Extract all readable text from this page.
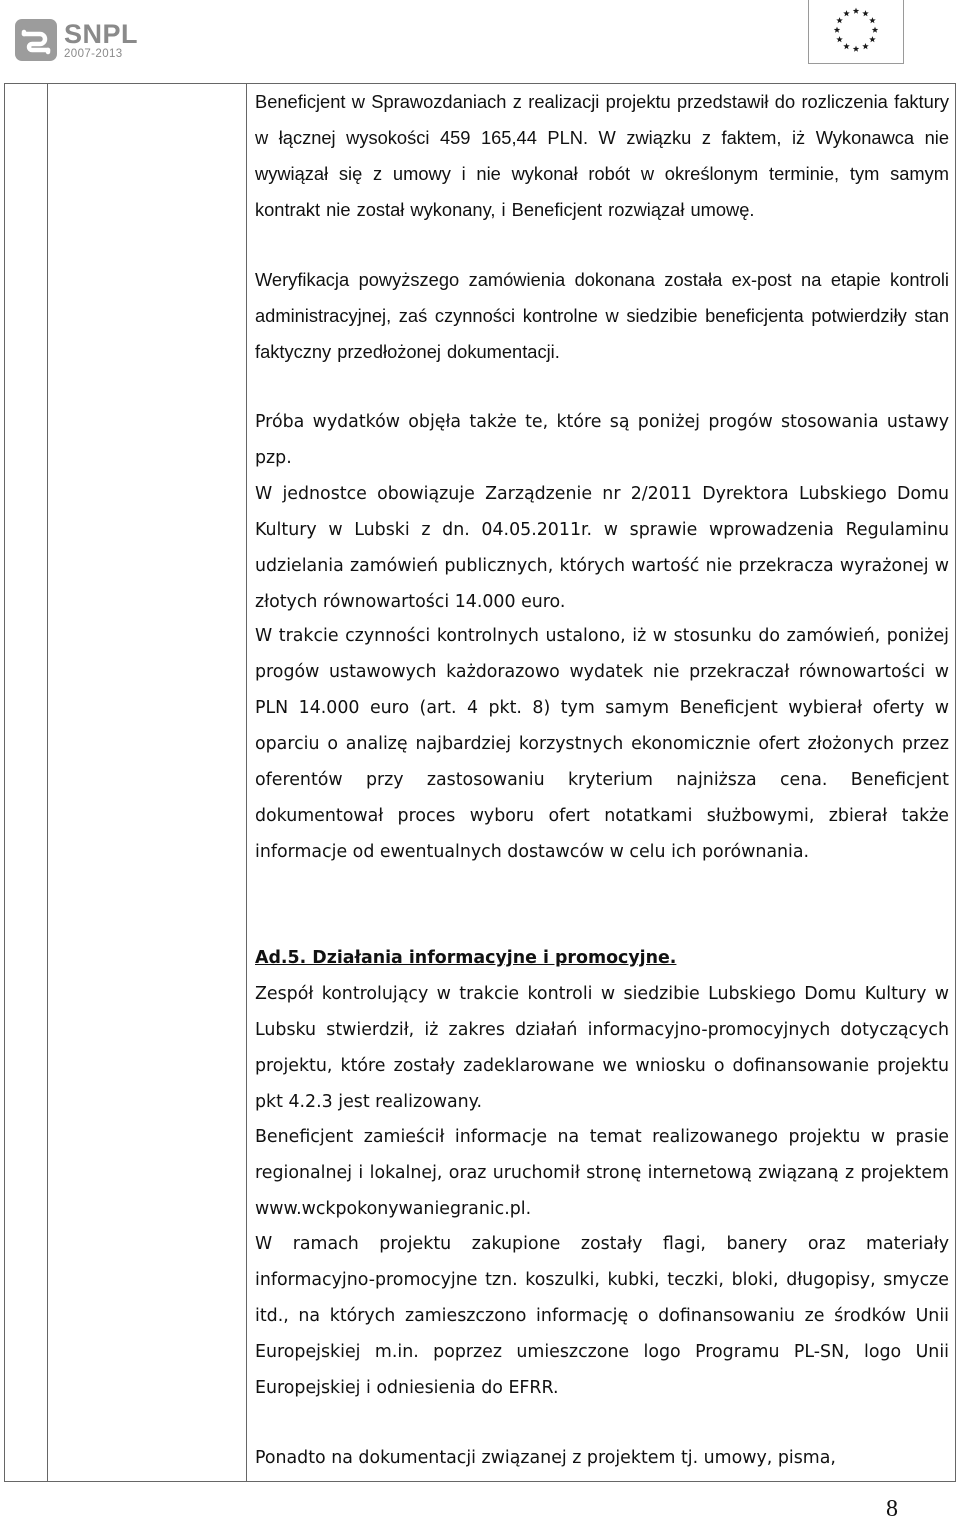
SNPL
2007-2013

Beneficjent w Sprawozdaniach z realizacji projektu przedstawił do rozliczenia faktury w łącznej wysokości 459 165,44 PLN. W związku z faktem, iż Wykonawca nie wywiązał się z umowy i nie wykonał robót w określonym terminie, tym samym kontrakt nie został wykonany, i Beneficjent rozwiązał umowę.

Weryfikacja powyższego zamówienia dokonana została ex-post na etapie kontroli administracyjnej, zaś czynności kontrolne w siedzibie beneficjenta potwierdziły stan faktyczny przedłożonej dokumentacji.

Próba wydatków objęła także te, które są poniżej progów stosowania ustawy pzp.

W jednostce obowiązuje Zarządzenie nr 2/2011 Dyrektora Lubskiego Domu Kultury w Lubski z dn. 04.05.2011r. w sprawie wprowadzenia Regulaminu udzielania zamówień publicznych, których wartość nie przekracza wyrażonej w złotych równowartości 14.000 euro.

W trakcie czynności kontrolnych ustalono, iż w stosunku do zamówień, poniżej progów ustawowych każdorazowo wydatek nie przekraczał równowartości w PLN 14.000 euro (art. 4 pkt. 8) tym samym Beneficjent wybierał oferty w oparciu o analizę najbardziej korzystnych ekonomicznie ofert złożonych przez oferentów przy zastosowaniu kryterium najniższa cena. Beneficjent dokumentował proces wyboru ofert notatkami służbowymi, zbierał także informacje od ewentualnych dostawców w celu ich porównania.

Ad.5. Działania informacyjne i promocyjne.

Zespół kontrolujący w trakcie kontroli w siedzibie Lubskiego Domu Kultury w Lubsku stwierdził, iż zakres działań informacyjno-promocyjnych dotyczących projektu, które zostały zadeklarowane we wniosku o dofinansowanie projektu pkt 4.2.3 jest realizowany.

Beneficjent zamieścił informacje na temat realizowanego projektu w prasie regionalnej i lokalnej, oraz uruchomił stronę internetową związaną z projektem www.wckpokonywaniegranic.pl.

W ramach projektu zakupione zostały flagi, banery oraz materiały informacyjno-promocyjne tzn. koszulki, kubki, teczki, bloki, długopisy, smycze itd., na których zamieszczono informację o dofinansowaniu ze środków Unii Europejskiej m.in. poprzez umieszczone logo Programu PL-SN, logo Unii Europejskiej i odniesienia do EFRR.

Ponadto na dokumentacji związanej z projektem tj. umowy, pisma,

8
